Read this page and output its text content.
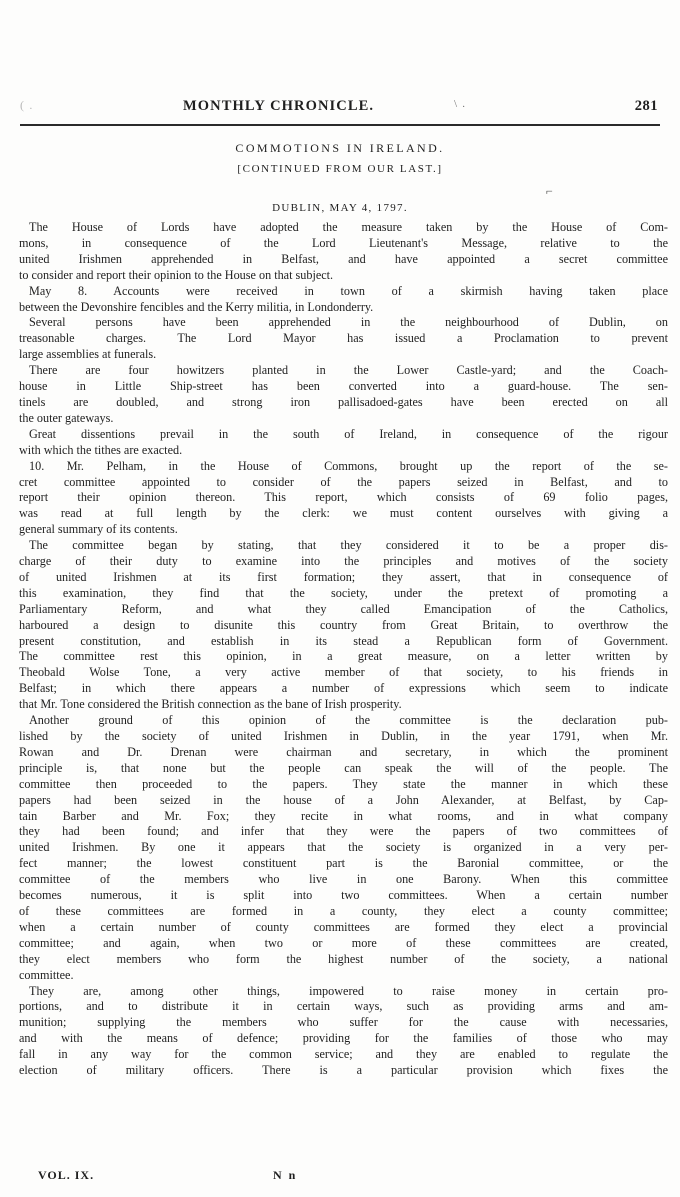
( .	MONTHLY CHRONICLE.	\ .	281
COMMOTIONS IN IRELAND.
[CONTINUED FROM OUR LAST.]
⌐
DUBLIN, MAY 4, 1797.
The House of Lords have adopted the measure taken by the House of Com-
mons, in consequence of the Lord Lieutenant's Message, relative to the
united Irishmen apprehended in Belfast, and have appointed a secret committee
to consider and report their opinion to the House on that subject.
May 8. Accounts were received in town of a skirmish having taken place
between the Devonshire fencibles and the Kerry militia, in Londonderry.
Several persons have been apprehended in the neighbourhood of Dublin, on
treasonable charges. The Lord Mayor has issued a Proclamation to prevent
large assemblies at funerals.
There are four howitzers planted in the Lower Castle-yard; and the Coach-
house in Little Ship-street has been converted into a guard-house. The sen-
tinels are doubled, and strong iron pallisadoed-gates have been erected on all
the outer gateways.
Great dissentions prevail in the south of Ireland, in consequence of the rigour
with which the tithes are exacted.
10. Mr. Pelham, in the House of Commons, brought up the report of the se-
cret committee appointed to consider of the papers seized in Belfast, and to
report their opinion thereon. This report, which consists of 69 folio pages,
was read at full length by the clerk: we must content ourselves with giving a
general summary of its contents.
The committee began by stating, that they considered it to be a proper dis-
charge of their duty to examine into the principles and motives of the society
of united Irishmen at its first formation; they assert, that in consequence of
this examination, they find that the society, under the pretext of promoting a
Parliamentary Reform, and what they called Emancipation of the Catholics,
harboured a design to disunite this country from Great Britain, to overthrow the
present constitution, and establish in its stead a Republican form of Government.
The committee rest this opinion, in a great measure, on a letter written by
Theobald Wolse Tone, a very active member of that society, to his friends in
Belfast; in which there appears a number of expressions which seem to indicate
that Mr. Tone considered the British connection as the bane of Irish prosperity.
Another ground of this opinion of the committee is the declaration pub-
lished by the society of united Irishmen in Dublin, in the year 1791, when Mr.
Rowan and Dr. Drenan were chairman and secretary, in which the prominent
principle is, that none but the people can speak the will of the people. The
committee then proceeded to the papers. They state the manner in which these
papers had been seized in the house of a John Alexander, at Belfast, by Cap-
tain Barber and Mr. Fox; they recite in what rooms, and in what company
they had been found; and infer that they were the papers of two committees of
united Irishmen. By one it appears that the society is organized in a very per-
fect manner; the lowest constituent part is the Baronial committee, or the
committee of the members who live in one Barony. When this committee
becomes numerous, it is split into two committees. When a certain number
of these committees are formed in a county, they elect a county committee;
when a certain number of county committees are formed they elect a provincial
committee; and again, when two or more of these committees are created,
they elect members who form the highest number of the society, a national
committee.
They are, among other things, impowered to raise money in certain pro-
portions, and to distribute it in certain ways, such as providing arms and am-
munition; supplying the members who suffer for the cause with necessaries,
and with the means of defence; providing for the families of those who may
fall in any way for the common service; and they are enabled to regulate the
election of military officers. There is a particular provision which fixes the
VOL. IX.	N n
